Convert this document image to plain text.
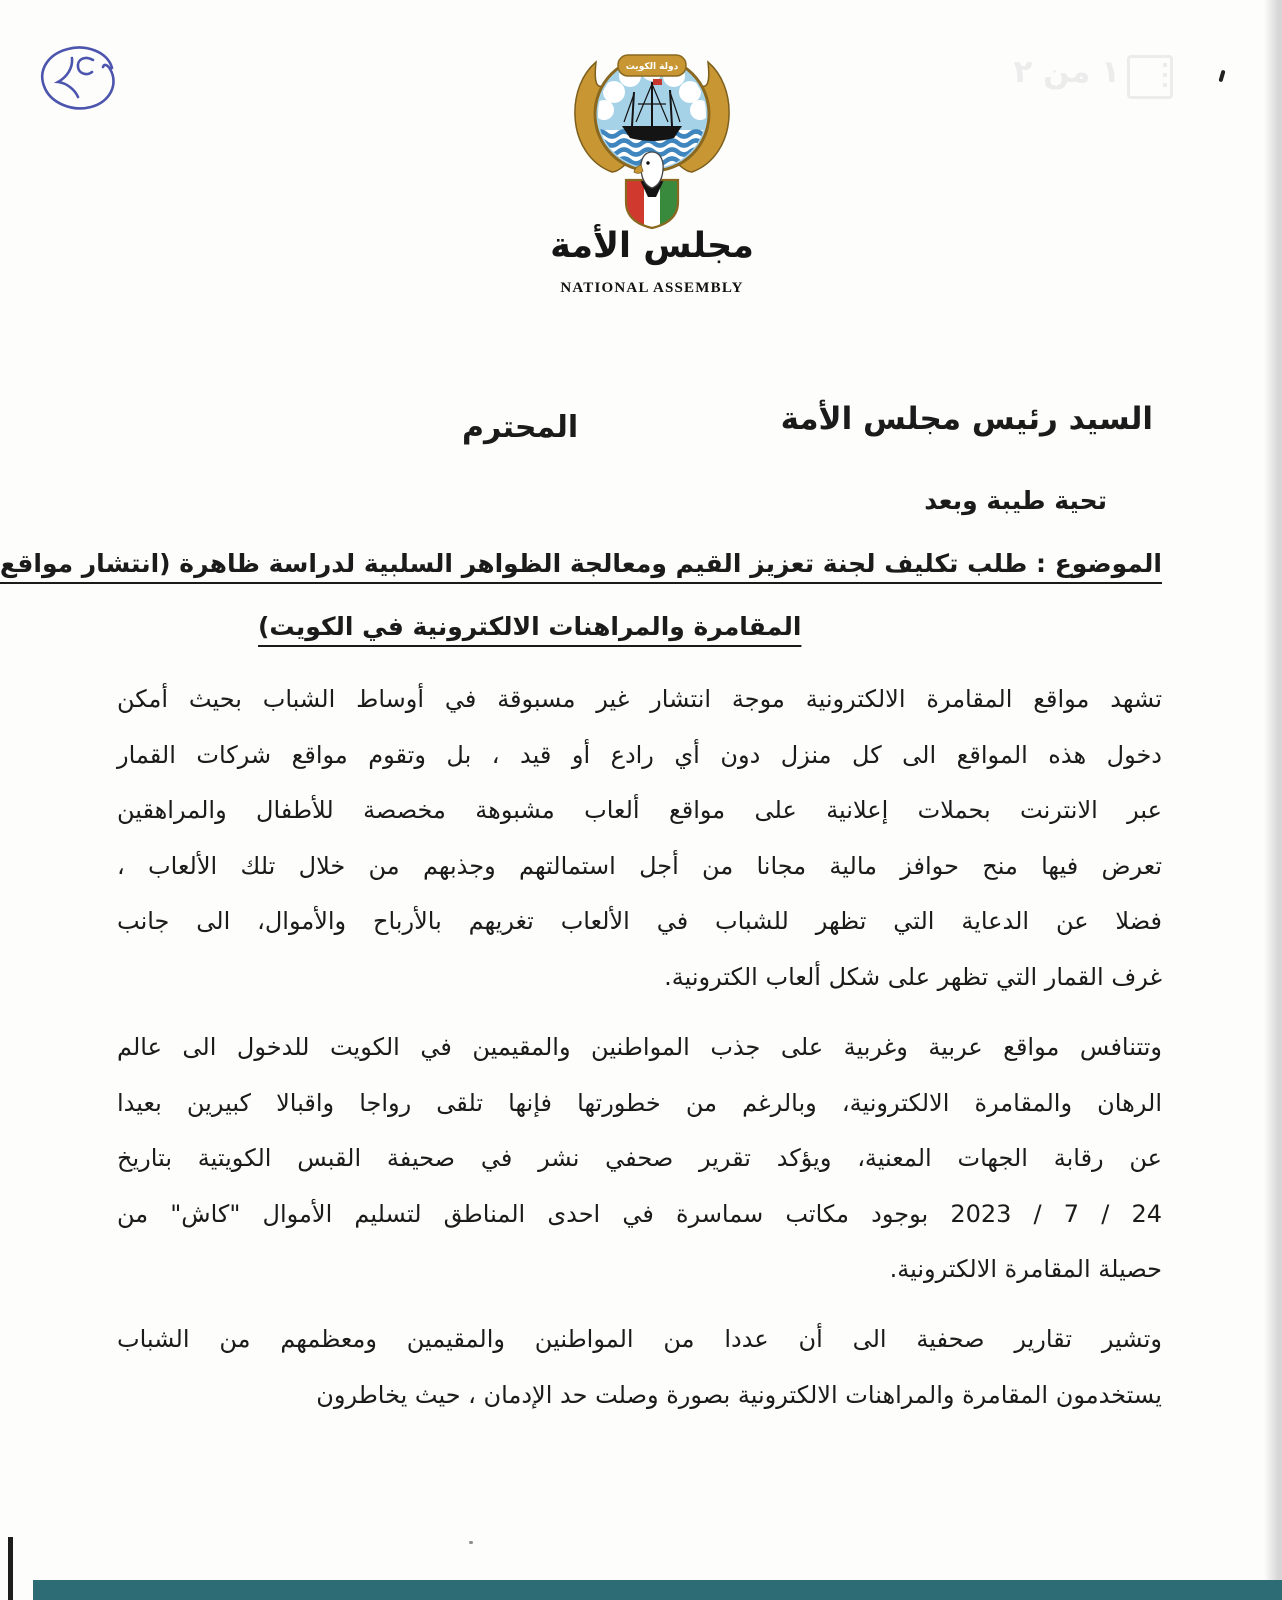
١ من ٢
دولة الكويت
مجلس الأمة
NATIONAL ASSEMBLY
السيد رئيس مجلس الأمة
المحترم
تحية طيبة وبعد
الموضوع : طلب تكليف لجنة تعزيز القيم ومعالجة الظواهر السلبية لدراسة ظاهرة (انتشار مواقع
المقامرة والمراهنات الالكترونية في الكويت)
تشهد مواقع المقامرة الالكترونية موجة انتشار غير مسبوقة في أوساط الشباب بحيث أمكن
دخول هذه المواقع الى كل منزل دون أي رادع أو قيد ، بل وتقوم مواقع شركات القمار
عبر الانترنت بحملات إعلانية على مواقع ألعاب مشبوهة مخصصة للأطفال والمراهقين
تعرض فيها منح حوافز مالية مجانا من أجل استمالتهم وجذبهم من خلال تلك الألعاب ،
فضلا عن الدعاية التي تظهر للشباب في الألعاب تغريهم بالأرباح والأموال، الى جانب
غرف القمار التي تظهر على شكل ألعاب الكترونية.
وتتنافس مواقع عربية وغربية على جذب المواطنين والمقيمين في الكويت للدخول الى عالم
الرهان والمقامرة الالكترونية، وبالرغم من خطورتها فإنها تلقى رواجا واقبالا كبيرين بعيدا
عن رقابة الجهات المعنية، ويؤكد تقرير صحفي نشر في صحيفة القبس الكويتية بتاريخ
24 / 7 / 2023 بوجود مكاتب سماسرة في احدى المناطق لتسليم الأموال "كاش" من
حصيلة المقامرة الالكترونية.
وتشير تقارير صحفية الى أن عددا من المواطنين والمقيمين ومعظمهم من الشباب
يستخدمون المقامرة والمراهنات الالكترونية بصورة وصلت حد الإدمان ، حيث يخاطرون
